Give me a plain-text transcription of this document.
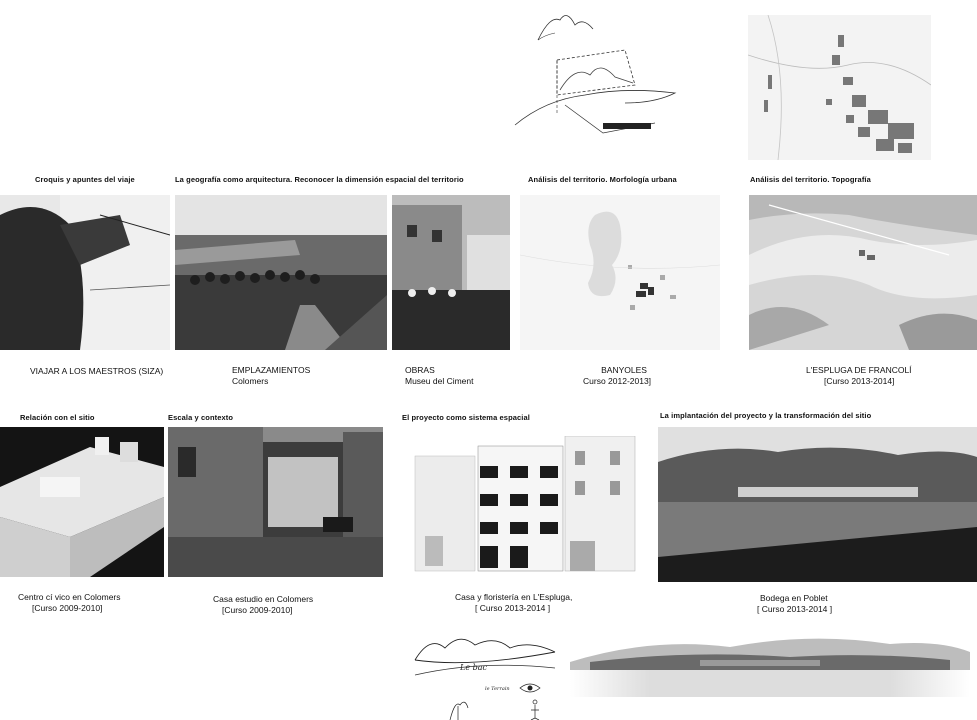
Croquis y apuntes del viaje	La geografía como arquitectura. Reconocer la dimensión espacial del territorio	Análisis del territorio. Morfología urbana	Análisis del territorio. Topografía
VIAJAR A LOS MAESTROS (SIZA)	EMPLAZAMIENTOS
Colomers
OBRAS
Museu del Ciment
BANYOLES
Curso 2012-2013]
L'ESPLUGA DE FRANCOLÍ
[Curso 2013-2014]
Relación con el sitio	Escala y contexto	El proyecto como sistema espacial	La implantación del proyecto y la transformación del sitio
Centro cí vico en Colomers
[Curso 2009-2010]
Casa estudio en Colomers
[Curso 2009-2010]
Casa y floristería en L'Espluga,
[ Curso 2013-2014 ]
Bodega en Poblet
[ Curso 2013-2014 ]
Le bac
le Terrain
